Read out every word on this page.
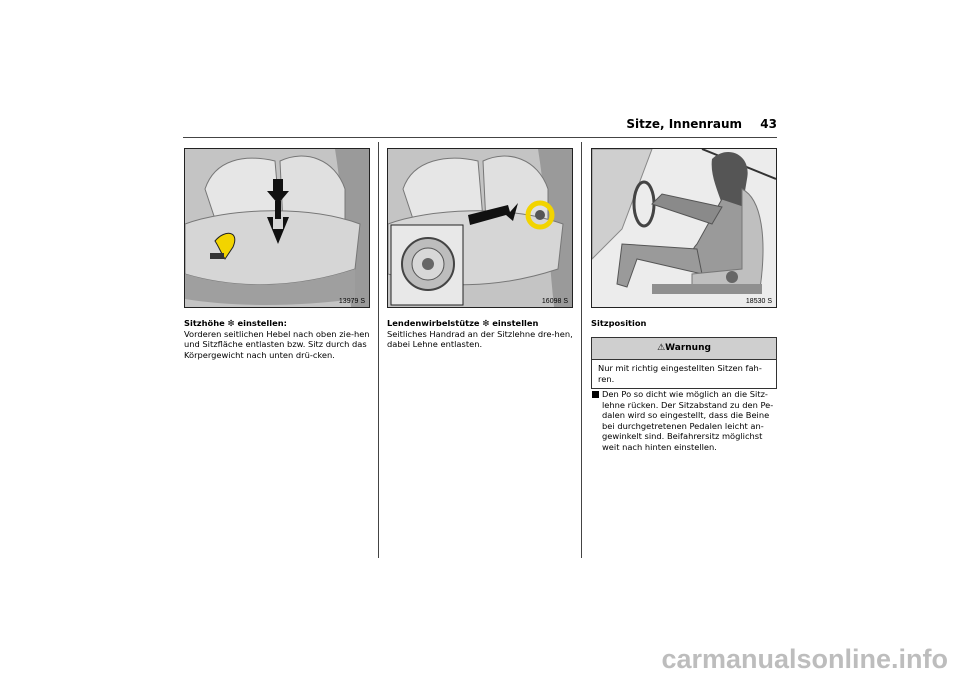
Sitze, Innenraum 43
13979 S	16098 S	18530 S
Sitzhöhe ❇ einstellen:
Vorderen seitlichen Hebel nach oben zie-hen und Sitzfläche entlasten bzw. Sitz durch das Körpergewicht nach unten drü-cken.
Lendenwirbelstütze ❇ einstellen
Seitliches Handrad an der Sitzlehne dre-hen, dabei Lehne entlasten.
Sitzposition
⚠Warnung
Nur mit richtig eingestellten Sitzen fah-ren.
Den Po so dicht wie möglich an die Sitz-lehne rücken. Der Sitzabstand zu den Pe-dalen wird so eingestellt, dass die Beine bei durchgetretenen Pedalen leicht an-gewinkelt sind. Beifahrersitz möglichst weit nach hinten einstellen.
carmanualsonline.info
